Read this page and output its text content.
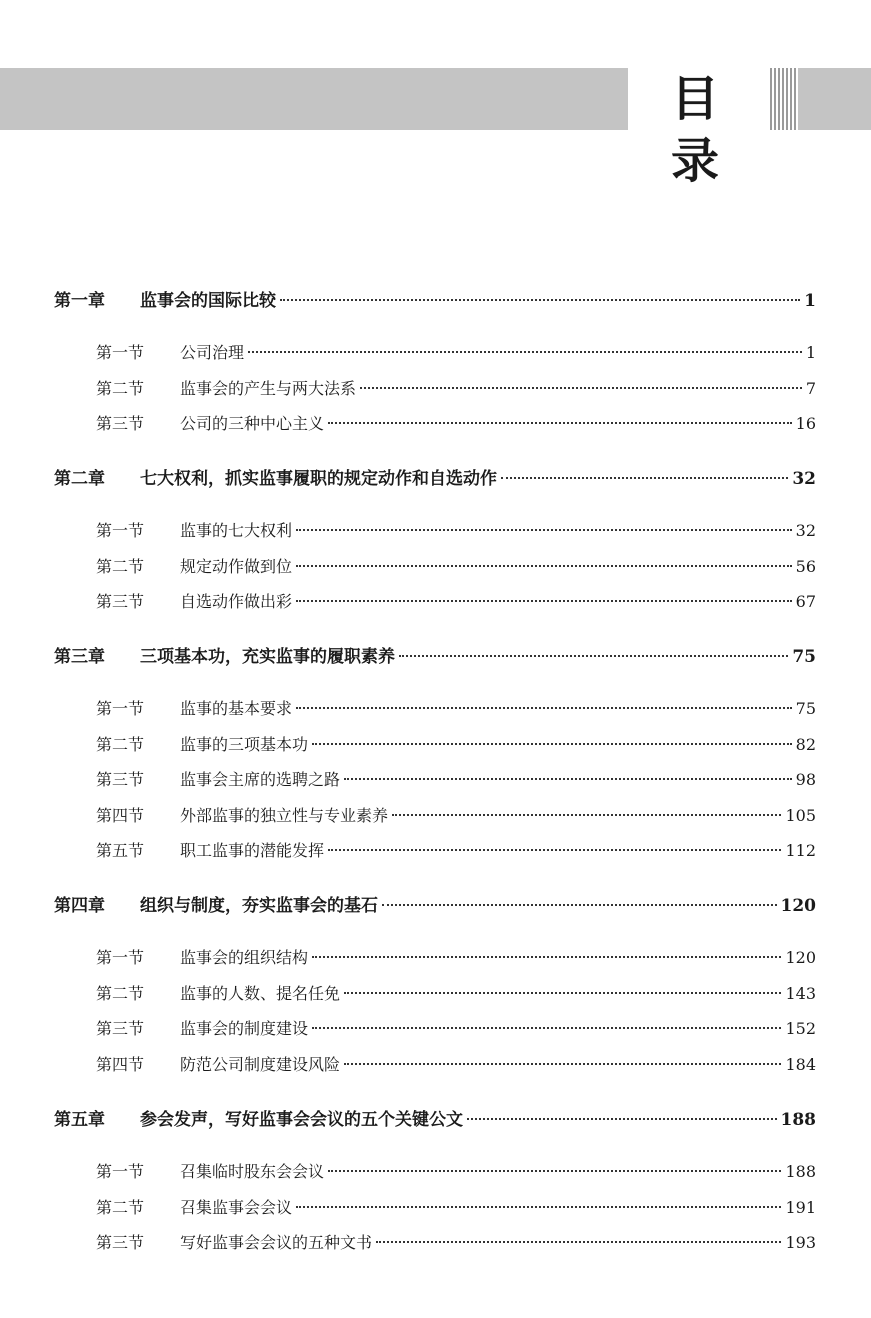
目 录
第一章	监事会的国际比较	1
第一节	公司治理	1
第二节	监事会的产生与两大法系	7
第三节	公司的三种中心主义	16
第二章	七大权利，抓实监事履职的规定动作和自选动作	32
第一节	监事的七大权利	32
第二节	规定动作做到位	56
第三节	自选动作做出彩	67
第三章	三项基本功，充实监事的履职素养	75
第一节	监事的基本要求	75
第二节	监事的三项基本功	82
第三节	监事会主席的选聘之路	98
第四节	外部监事的独立性与专业素养	105
第五节	职工监事的潜能发挥	112
第四章	组织与制度，夯实监事会的基石	120
第一节	监事会的组织结构	120
第二节	监事的人数、提名任免	143
第三节	监事会的制度建设	152
第四节	防范公司制度建设风险	184
第五章	参会发声，写好监事会会议的五个关键公文	188
第一节	召集临时股东会会议	188
第二节	召集监事会会议	191
第三节	写好监事会会议的五种文书	193
